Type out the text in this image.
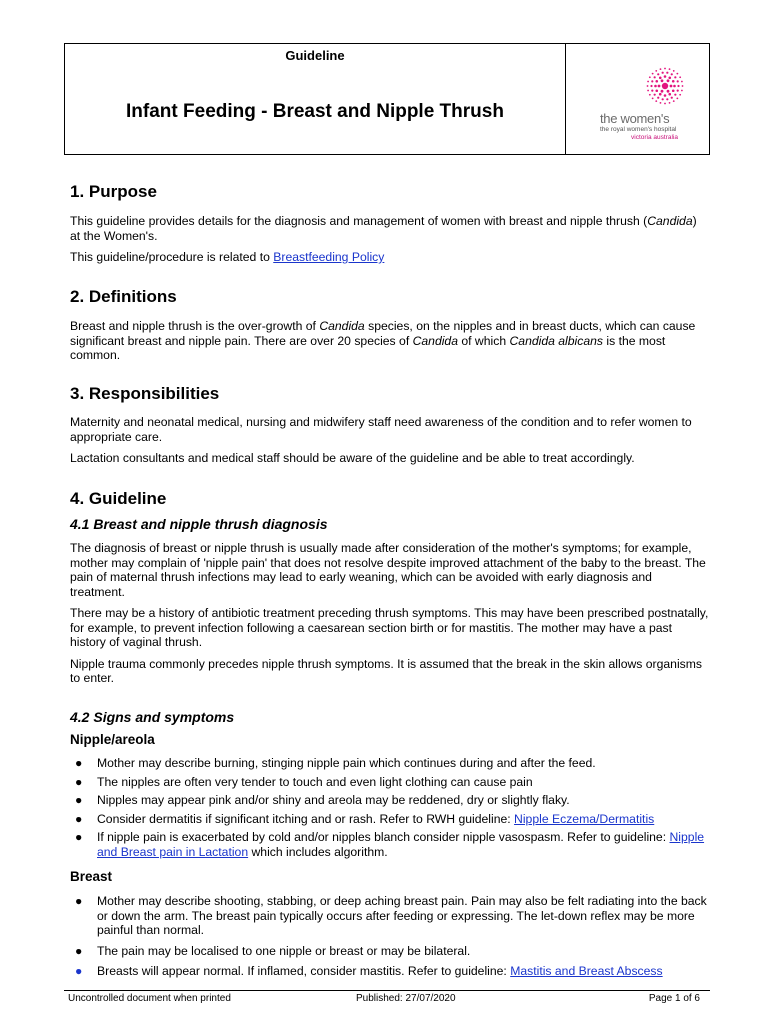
Guideline
Infant Feeding - Breast and Nipple Thrush	the women's
the royal women's hospital
victoria australia
1. Purpose

This guideline provides details for the diagnosis and management of women with breast and nipple thrush (Candida) at the Women's.

This guideline/procedure is related to Breastfeeding Policy

2. Definitions

Breast and nipple thrush is the over-growth of Candida species, on the nipples and in breast ducts, which can cause significant breast and nipple pain. There are over 20 species of Candida of which Candida albicans is the most common.

3. Responsibilities

Maternity and neonatal medical, nursing and midwifery staff need awareness of the condition and to refer women to appropriate care.

Lactation consultants and medical staff should be aware of the guideline and be able to treat accordingly.

4. Guideline
4.1 Breast and nipple thrush diagnosis

The diagnosis of breast or nipple thrush is usually made after consideration of the mother's symptoms; for example, mother may complain of 'nipple pain' that does not resolve despite improved attachment of the baby to the breast. The pain of maternal thrush infections may lead to early weaning, which can be avoided with early diagnosis and treatment.

There may be a history of antibiotic treatment preceding thrush symptoms. This may have been prescribed postnatally, for example, to prevent infection following a caesarean section birth or for mastitis. The mother may have a past history of vaginal thrush.

Nipple trauma commonly precedes nipple thrush symptoms. It is assumed that the break in the skin allows organisms to enter.

4.2 Signs and symptoms
Nipple/areola
● Mother may describe burning, stinging nipple pain which continues during and after the feed.
● The nipples are often very tender to touch and even light clothing can cause pain
● Nipples may appear pink and/or shiny and areola may be reddened, dry or slightly flaky.
● Consider dermatitis if significant itching and or rash. Refer to RWH guideline: Nipple Eczema/Dermatitis
● If nipple pain is exacerbated by cold and/or nipples blanch consider nipple vasospasm. Refer to guideline: Nipple and Breast pain in Lactation which includes algorithm.
Breast
● Mother may describe shooting, stabbing, or deep aching breast pain. Pain may also be felt radiating into the back or down the arm. The breast pain typically occurs after feeding or expressing. The let-down reflex may be more painful than normal.
● The pain may be localised to one nipple or breast or may be bilateral.
● Breasts will appear normal. If inflamed, consider mastitis. Refer to guideline: Mastitis and Breast Abscess
Uncontrolled document when printed	Published: 27/07/2020	Page 1 of 6
